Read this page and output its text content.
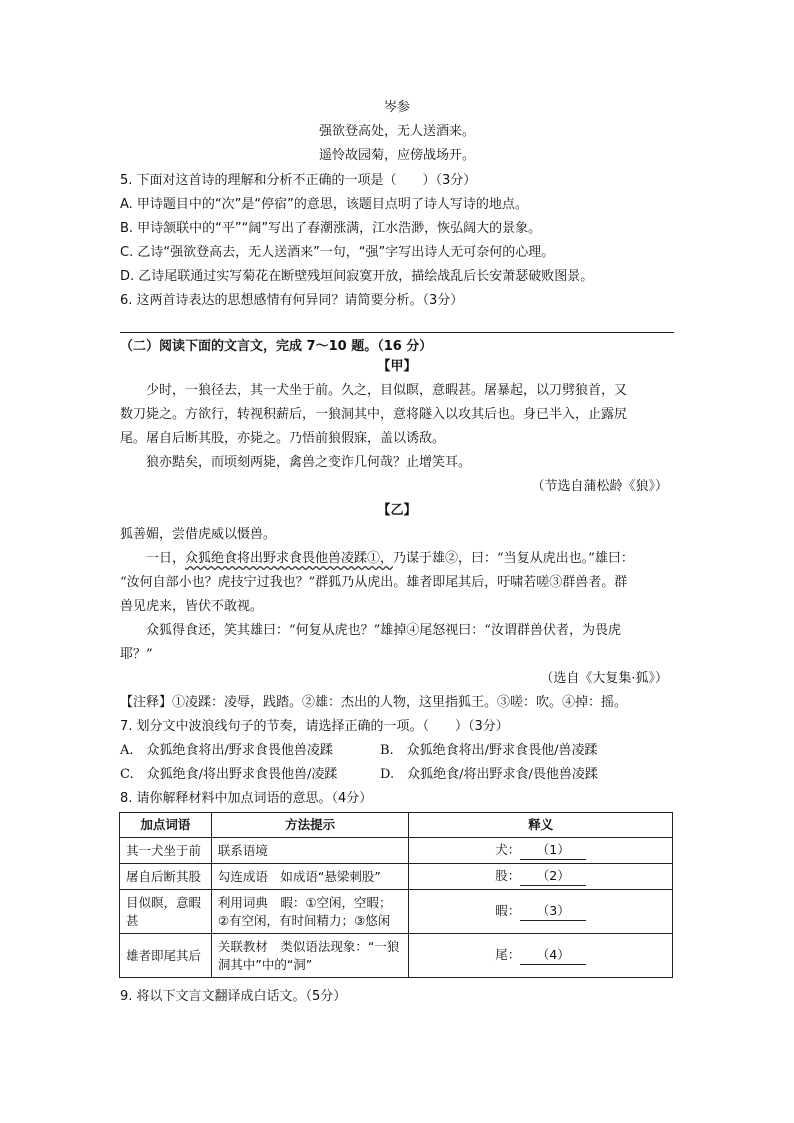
岑参
强欲登高处，无人送酒来。
遥怜故园菊，应傍战场开。
5. 下面对这首诗的理解和分析不正确的一项是（　　）（3分）
A. 甲诗题目中的“次”是“停宿”的意思，该题目点明了诗人写诗的地点。
B. 甲诗颔联中的“平”“阔”写出了春潮涨满，江水浩渺，恢弘阔大的景象。
C. 乙诗“强欲登高去，无人送酒来”一句，“强”字写出诗人无可奈何的心理。
D. 乙诗尾联通过实写菊花在断壁残垣间寂寞开放，描绘战乱后长安萧瑟破败图景。
6. 这两首诗表达的思想感情有何异同？请简要分析。（3分）
（二）阅读下面的文言文，完成 7～10 题。（16 分）
【甲】
少时，一狼径去，其一犬坐于前。久之，目似瞑，意暇甚。屠暴起，以刀劈狼首，又
数刀毙之。方欲行，转视积薪后，一狼洞其中，意将隧入以攻其后也。身已半入，止露尻
尾。屠自后断其股，亦毙之。乃悟前狼假寐，盖以诱敌。
狼亦黠矣，而顷刻两毙，禽兽之变诈几何哉？止增笑耳。
（节选自蒲松龄《狼》）
【乙】
狐善媚，尝借虎威以慑兽。
一日，众狐绝食将出野求食畏他兽凌蹂①，乃谋于雄②，曰：“当复从虎出也。”雄曰：
“汝何自部小也？虎技宁过我也？”群狐乃从虎出。雄者即尾其后，吁啸若嗟③群兽者。群
兽见虎来，皆伏不敢视。
众狐得食还，笑其雄曰：“何复从虎也？”雄掉④尾怒视曰：“汝谓群兽伏者，为畏虎
耶？”
（选自《大复集·狐》）
【注释】①凌蹂：凌辱，践踏。②雄：杰出的人物，这里指狐王。③嗟：吹。④掉：摇。
7. 划分文中波浪线句子的节奏，请选择正确的一项。（　　）（3分）
A.　众狐绝食将出/野求食畏他兽凌蹂	B.　众狐绝食将出/野求食畏他/兽凌蹂
C.　众狐绝食/将出野求食畏他兽/凌蹂	D.　众狐绝食/将出野求食/畏他兽凌蹂
8. 请你解释材料中加点词语的意思。（4分）
加点词语	方法提示	释义
其一犬坐于前	联系语境	犬： （1）
屠自后断其股	勾连成语　如成语“悬梁刺股”	股： （2）
目似瞑，意暇甚	利用词典　暇：①空闲，空暇；②有空闲，有时间精力；③悠闲	暇： （3）
雄者即尾其后	关联教材　类似语法现象：“一狼洞其中”中的“洞”	尾： （4）
9. 将以下文言文翻译成白话文。（5分）
